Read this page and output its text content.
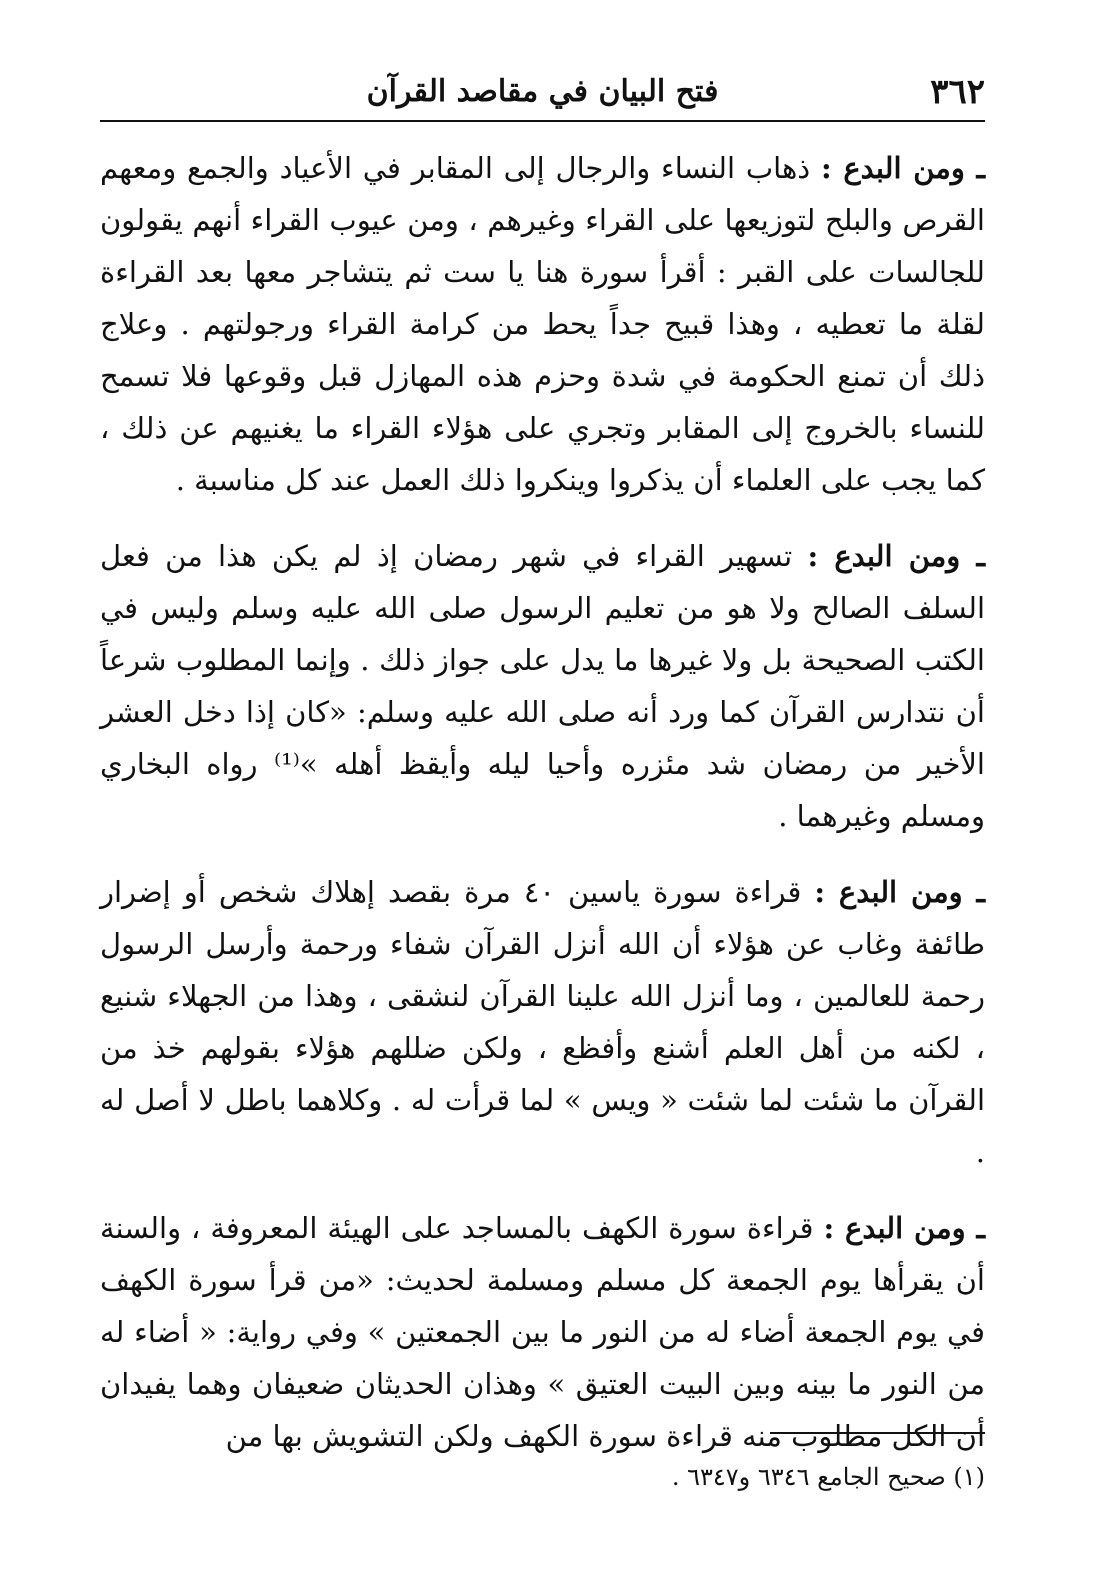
٣٦٢
فتح البيان في مقاصد القرآن

ـ ومن البدع : ذهاب النساء والرجال إلى المقابر في الأعياد والجمع ومعهم القرص والبلح لتوزيعها على القراء وغيرهم ، ومن عيوب القراء أنهم يقولون للجالسات على القبر : أقرأ سورة هنا يا ست ثم يتشاجر معها بعد القراءة لقلة ما تعطيه ، وهذا قبيح جداً يحط من كرامة القراء ورجولتهم . وعلاج ذلك أن تمنع الحكومة في شدة وحزم هذه المهازل قبل وقوعها فلا تسمح للنساء بالخروج إلى المقابر وتجري على هؤلاء القراء ما يغنيهم عن ذلك ، كما يجب على العلماء أن يذكروا وينكروا ذلك العمل عند كل مناسبة .

ـ ومن البدع : تسهير القراء في شهر رمضان إذ لم يكن هذا من فعل السلف الصالح ولا هو من تعليم الرسول صلى الله عليه وسلم وليس في الكتب الصحيحة بل ولا غيرها ما يدل على جواز ذلك . وإنما المطلوب شرعاً أن نتدارس القرآن كما ورد أنه صلى الله عليه وسلم: «كان إذا دخل العشر الأخير من رمضان شد مئزره وأحيا ليله وأيقظ أهله »⁽¹⁾ رواه البخاري ومسلم وغيرهما .

ـ ومن البدع : قراءة سورة ياسين ٤٠ مرة بقصد إهلاك شخص أو إضرار طائفة وغاب عن هؤلاء أن الله أنزل القرآن شفاء ورحمة وأرسل الرسول رحمة للعالمين ، وما أنزل الله علينا القرآن لنشقى ، وهذا من الجهلاء شنيع ، لكنه من أهل العلم أشنع وأفظع ، ولكن ضللهم هؤلاء بقولهم خذ من القرآن ما شئت لما شئت « ويس » لما قرأت له . وكلاهما باطل لا أصل له .

ـ ومن البدع : قراءة سورة الكهف بالمساجد على الهيئة المعروفة ، والسنة أن يقرأها يوم الجمعة كل مسلم ومسلمة لحديث: «من قرأ سورة الكهف في يوم الجمعة أضاء له من النور ما بين الجمعتين » وفي رواية: « أضاء له من النور ما بينه وبين البيت العتيق » وهذان الحديثان ضعيفان وهما يفيدان أن الكل مطلوب منه قراءة سورة الكهف ولكن التشويش بها من

(١) صحيح الجامع ٦٣٤٦ و٦٣٤٧ .
